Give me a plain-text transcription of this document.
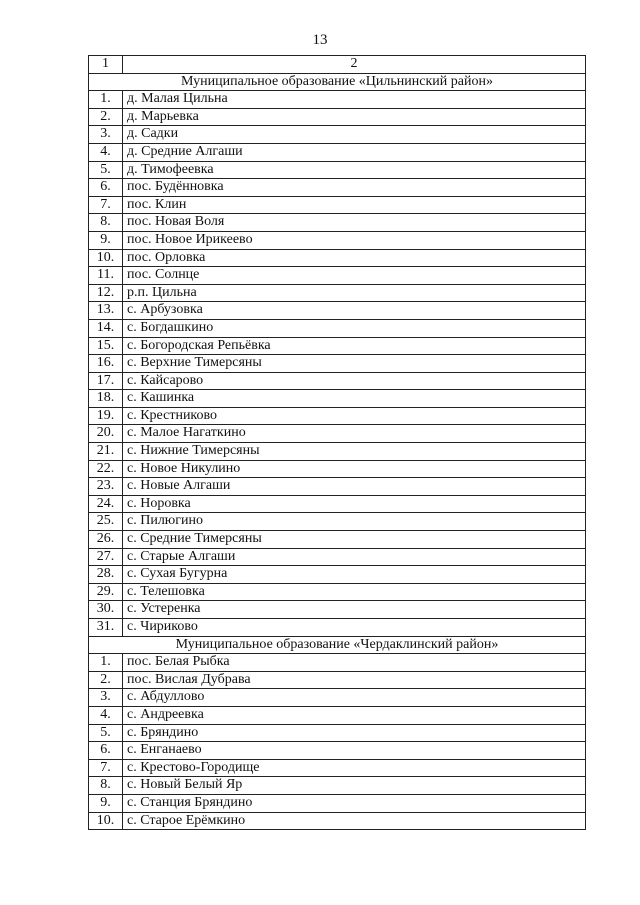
13
1	2
Муниципальное образование «Цильнинский район»	
1.	д. Малая Цильна
2.	д. Марьевка
3.	д. Садки
4.	д. Средние Алгаши
5.	д. Тимофеевка
6.	пос. Будённовка
7.	пос. Клин
8.	пос. Новая Воля
9.	пос. Новое Ирикеево
10.	пос. Орловка
11.	пос. Солнце
12.	р.п. Цильна
13.	с. Арбузовка
14.	с. Богдашкино
15.	с. Богородская Репьёвка
16.	с. Верхние Тимерсяны
17.	с. Кайсарово
18.	с. Кашинка
19.	с. Крестниково
20.	с. Малое Нагаткино
21.	с. Нижние Тимерсяны
22.	с. Новое Никулино
23.	с. Новые Алгаши
24.	с. Норовка
25.	с. Пилюгино
26.	с. Средние Тимерсяны
27.	с. Старые Алгаши
28.	с. Сухая Бугурна
29.	с. Телешовка
30.	с. Устеренка
31.	с. Чириково
Муниципальное образование «Чердаклинский район»	
1.	пос. Белая Рыбка
2.	пос. Вислая Дубрава
3.	с. Абдуллово
4.	с. Андреевка
5.	с. Бряндино
6.	с. Енганаево
7.	с. Крестово-Городище
8.	с. Новый Белый Яр
9.	с. Станция Бряндино
10.	с. Старое Ерёмкино
